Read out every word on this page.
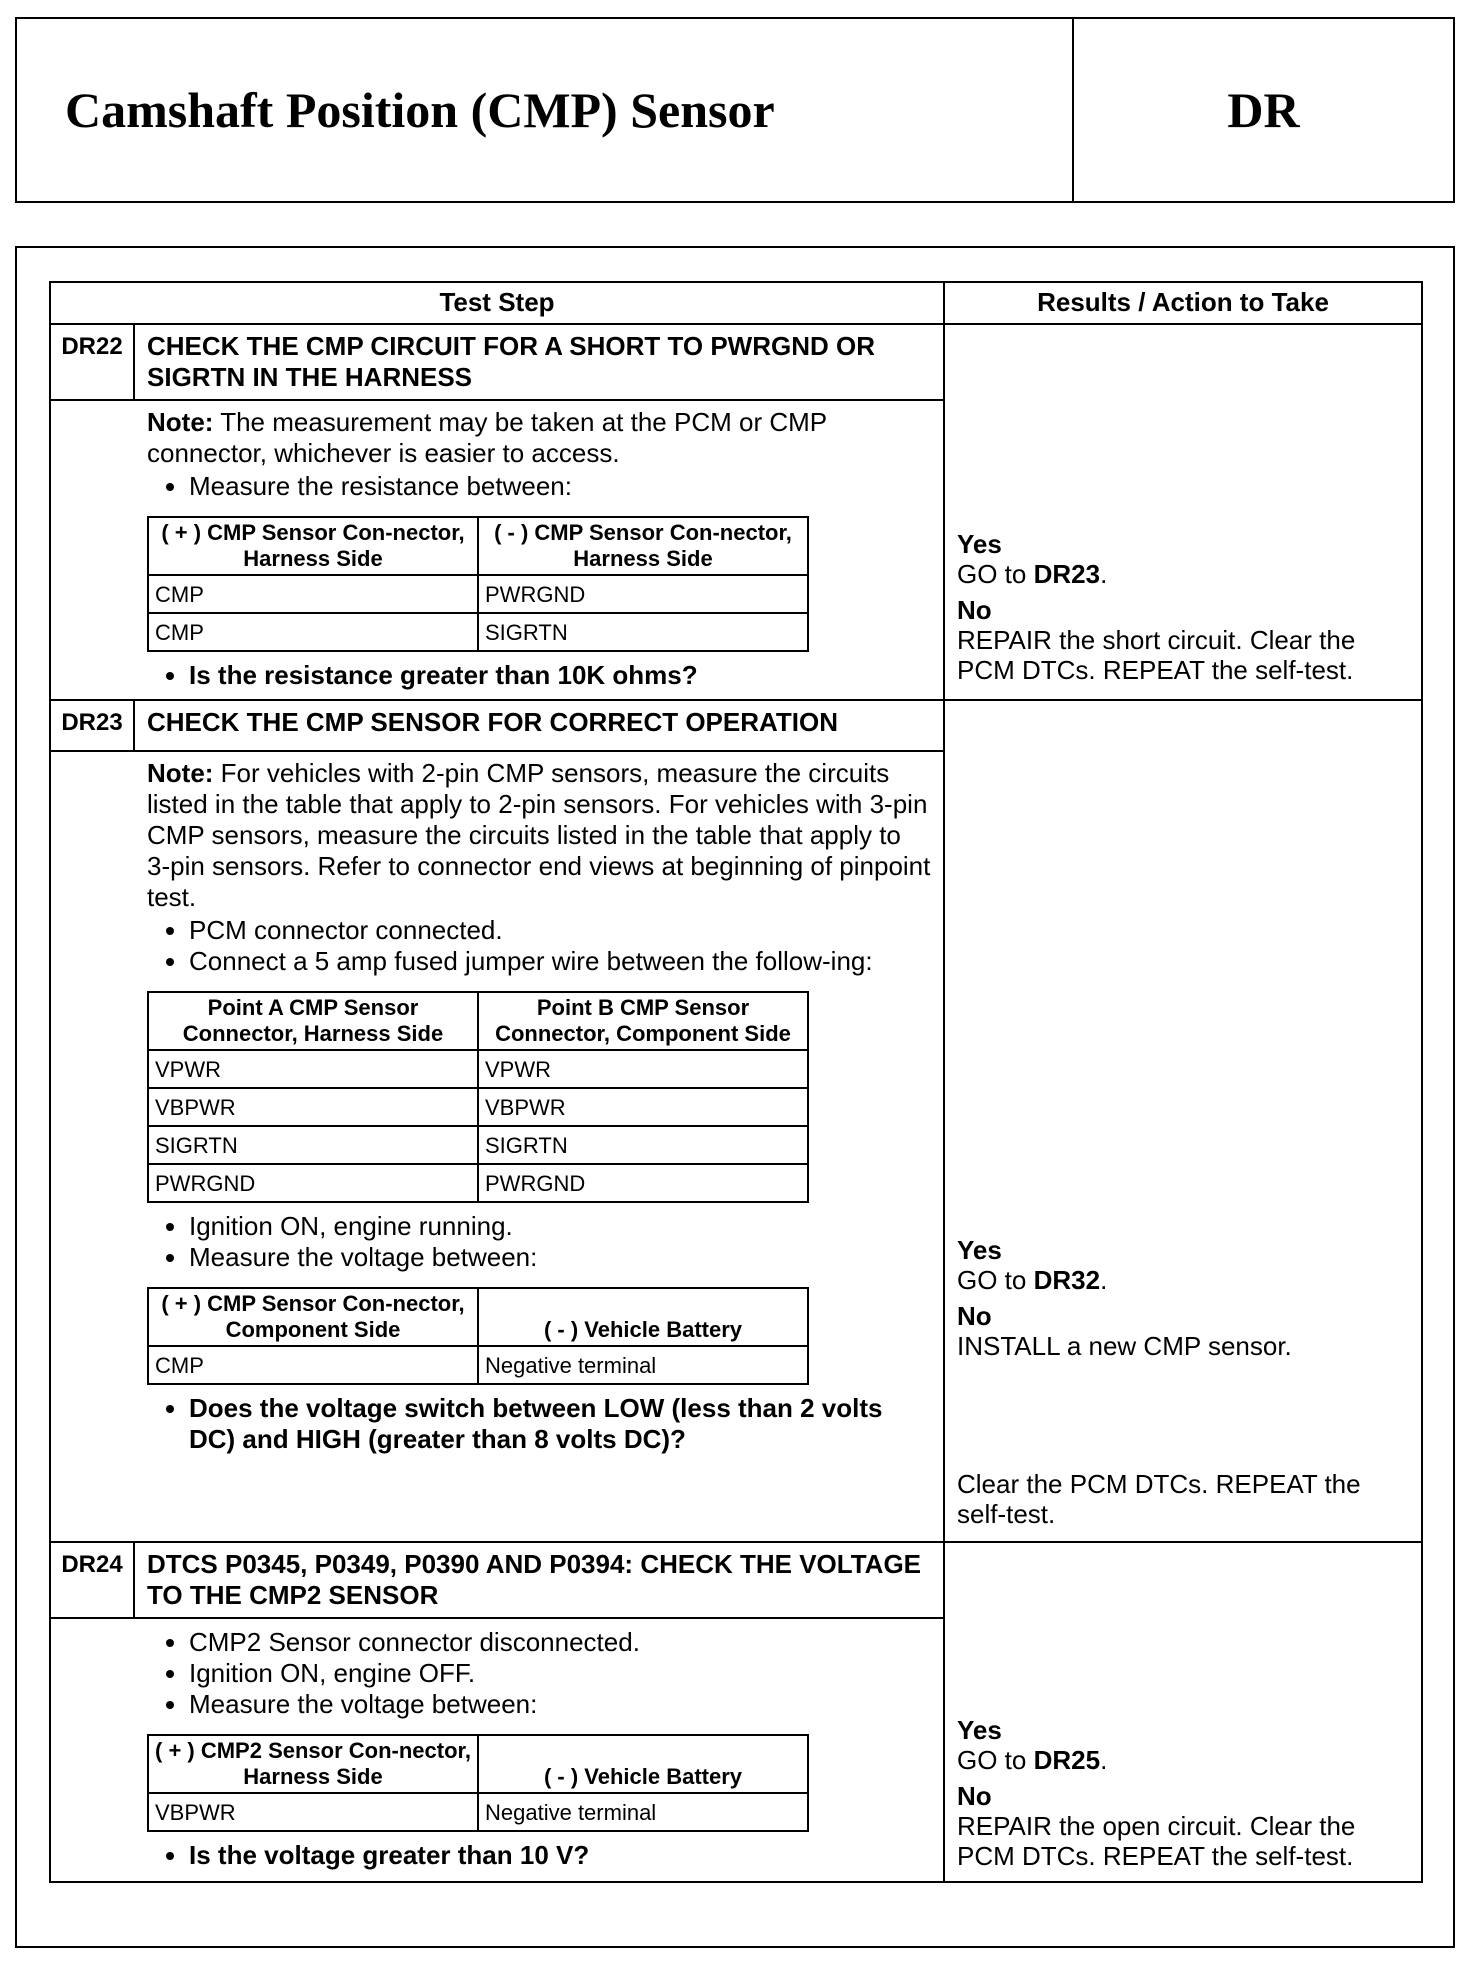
Camshaft Position (CMP) Sensor	DR
Test Step	Results / Action to Take
DR22	CHECK THE CMP CIRCUIT FOR A SHORT TO PWRGND OR SIGRTN IN THE HARNESS	

Yes
GO to DR23.

No
REPAIR the short circuit. Clear the PCM DTCs. REPEAT the self-test.

Note: The measurement may be taken at the PCM or CMP connector, whichever is easier to access.
• Measure the resistance between:
( + ) CMP Sensor Con-nector, Harness Side	( - ) CMP Sensor Con-nector, Harness Side
CMP	PWRGND
CMP	SIGRTN
• Is the resistance greater than 10K ohms?

DR23	CHECK THE CMP SENSOR FOR CORRECT OPERATION	

Yes
GO to DR32.

No
INSTALL a new CMP sensor.

Clear the PCM DTCs. REPEAT the self-test.

Note: For vehicles with 2-pin CMP sensors, measure the circuits listed in the table that apply to 2-pin sensors. For vehicles with 3-pin CMP sensors, measure the circuits listed in the table that apply to 3-pin sensors. Refer to connector end views at beginning of pinpoint test.
• PCM connector connected.
• Connect a 5 amp fused jumper wire between the follow-ing:
Point A CMP Sensor Connector, Harness Side	Point B CMP Sensor Connector, Component Side
VPWR	VPWR
VBPWR	VBPWR
SIGRTN	SIGRTN
PWRGND	PWRGND
• Ignition ON, engine running.
• Measure the voltage between:
( + ) CMP Sensor Con-nector, Component Side	( - ) Vehicle Battery
CMP	Negative terminal
• Does the voltage switch between LOW (less than 2 volts DC) and HIGH (greater than 8 volts DC)?

DR24	DTCS P0345, P0349, P0390 AND P0394: CHECK THE VOLTAGE TO THE CMP2 SENSOR	

Yes
GO to DR25.

No
REPAIR the open circuit. Clear the PCM DTCs. REPEAT the self-test.

• CMP2 Sensor connector disconnected.
• Ignition ON, engine OFF.
• Measure the voltage between:
( + ) CMP2 Sensor Con-nector, Harness Side	( - ) Vehicle Battery
VBPWR	Negative terminal
• Is the voltage greater than 10 V?
